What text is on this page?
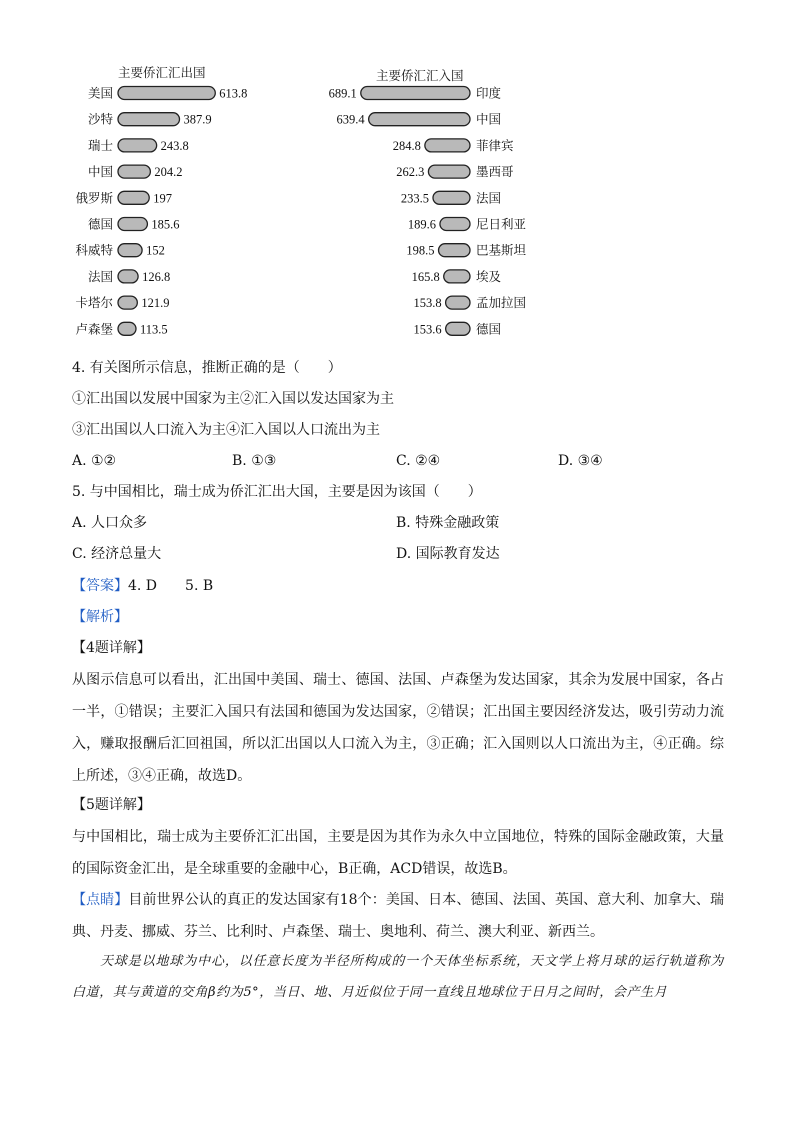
主要侨汇汇出国	主要侨汇汇入国
美国	613.8
沙特	387.9
瑞士	243.8
中国	204.2
俄罗斯	197
德国	185.6
科威特	152
法国 126.8
卡塔尔 121.9
卢森堡 113.5
689.1	印度
639.4	中国
284.8	菲律宾
262.3	墨西哥
233.5	法国
189.6	尼日利亚
198.5	巴基斯坦
165.8	埃及
153.8	孟加拉国
153.6	德国
4. 有关图所示信息，推断正确的是（　　）
①汇出国以发展中国家为主②汇入国以发达国家为主
③汇出国以人口流入为主④汇入国以人口流出为主
A. ①②	B. ①③	C. ②④	D. ③④
5. 与中国相比，瑞士成为侨汇汇出大国，主要是因为该国（　　）
A. 人口众多	B. 特殊金融政策
C. 经济总量大	D. 国际教育发达
【答案】4. D　　5. B
【解析】
【4题详解】
从图示信息可以看出，汇出国中美国、瑞士、德国、法国、卢森堡为发达国家，其余为发展中国家，各占一半，①错误；主要汇入国只有法国和德国为发达国家，②错误；汇出国主要因经济发达，吸引劳动力流入，赚取报酬后汇回祖国，所以汇出国以人口流入为主，③正确；汇入国则以人口流出为主，④正确。综上所述，③④正确，故选D。
【5题详解】
与中国相比，瑞士成为主要侨汇汇出国，主要是因为其作为永久中立国地位，特殊的国际金融政策，大量的国际资金汇出，是全球重要的金融中心，B正确，ACD错误，故选B。
【点睛】目前世界公认的真正的发达国家有18个：美国、日本、德国、法国、英国、意大利、加拿大、瑞典、丹麦、挪威、芬兰、比利时、卢森堡、瑞士、奥地利、荷兰、澳大利亚、新西兰。
天球是以地球为中心，以任意长度为半径所构成的一个天体坐标系统，天文学上将月球的运行轨道称为白道，其与黄道的交角β约为5°，当日、地、月近似位于同一直线且地球位于日月之间时，会产生月
